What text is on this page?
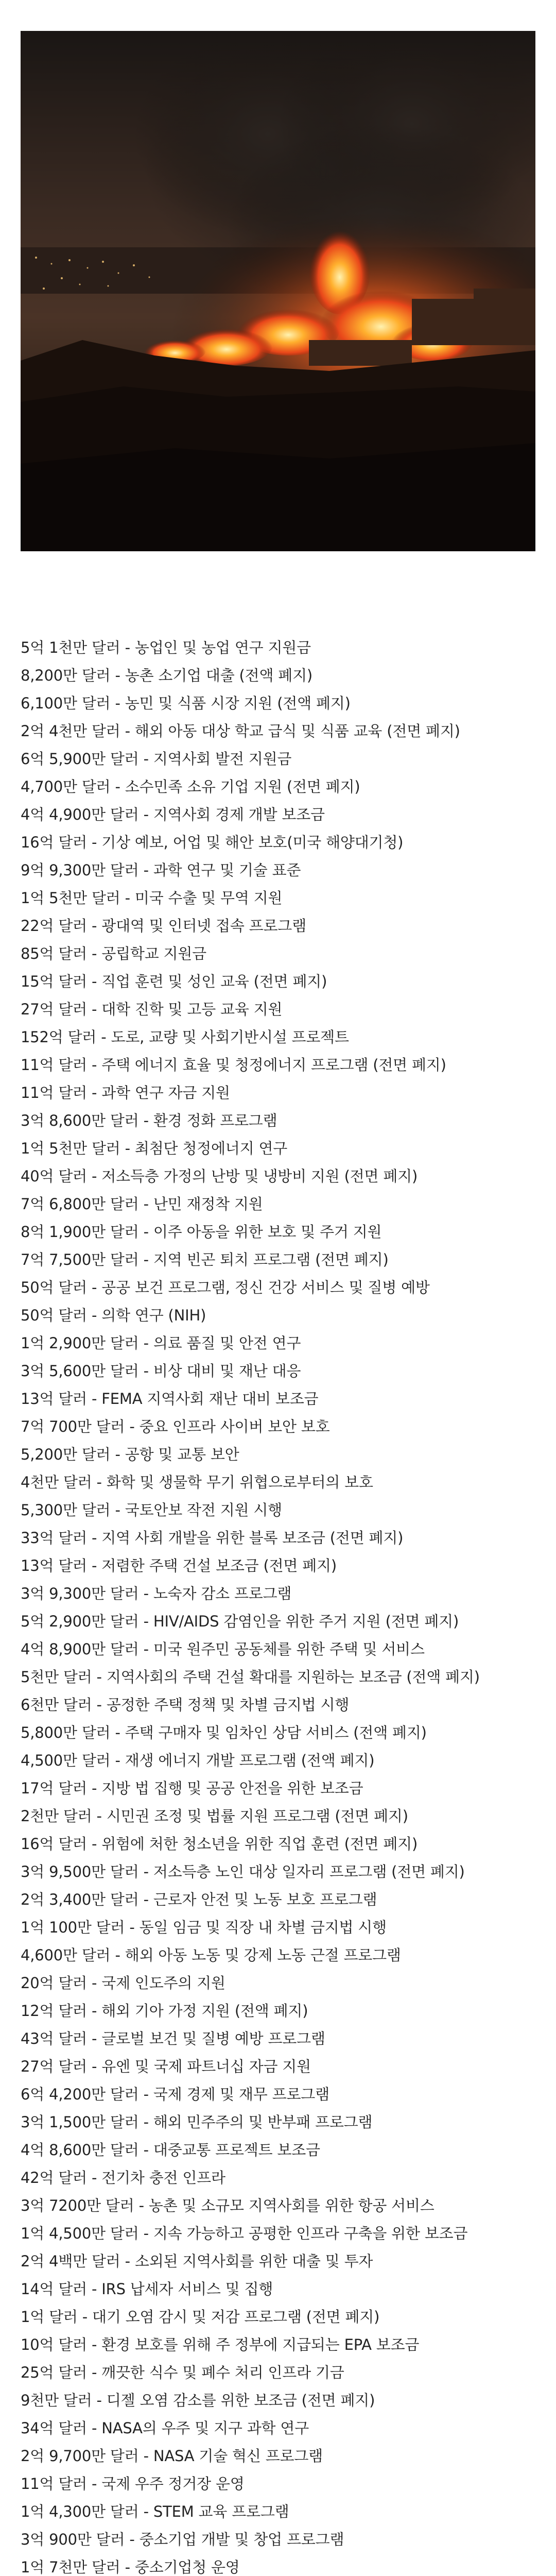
5억 1천만 달러 - 농업인 및 농업 연구 지원금
8,200만 달러 - 농촌 소기업 대출 (전액 폐지)
6,100만 달러 - 농민 및 식품 시장 지원 (전액 폐지)
2억 4천만 달러 - 해외 아동 대상 학교 급식 및 식품 교육 (전면 폐지)
6억 5,900만 달러 - 지역사회 발전 지원금
4,700만 달러 - 소수민족 소유 기업 지원 (전면 폐지)
4억 4,900만 달러 - 지역사회 경제 개발 보조금
16억 달러 - 기상 예보, 어업 및 해안 보호(미국 해양대기청)
9억 9,300만 달러 - 과학 연구 및 기술 표준
1억 5천만 달러 - 미국 수출 및 무역 지원
22억 달러 - 광대역 및 인터넷 접속 프로그램
85억 달러 - 공립학교 지원금
15억 달러 - 직업 훈련 및 성인 교육 (전면 폐지)
27억 달러 - 대학 진학 및 고등 교육 지원
152억 달러 - 도로, 교량 및 사회기반시설 프로젝트
11억 달러 - 주택 에너지 효율 및 청정에너지 프로그램 (전면 폐지)
11억 달러 - 과학 연구 자금 지원
3억 8,600만 달러 - 환경 정화 프로그램
1억 5천만 달러 - 최첨단 청정에너지 연구
40억 달러 - 저소득층 가정의 난방 및 냉방비 지원 (전면 폐지)
7억 6,800만 달러 - 난민 재정착 지원
8억 1,900만 달러 - 이주 아동을 위한 보호 및 주거 지원
7억 7,500만 달러 - 지역 빈곤 퇴치 프로그램 (전면 폐지)
50억 달러 - 공공 보건 프로그램, 정신 건강 서비스 및 질병 예방
50억 달러 - 의학 연구 (NIH)
1억 2,900만 달러 - 의료 품질 및 안전 연구
3억 5,600만 달러 - 비상 대비 및 재난 대응
13억 달러 - FEMA 지역사회 재난 대비 보조금
7억 700만 달러 - 중요 인프라 사이버 보안 보호
5,200만 달러 - 공항 및 교통 보안
4천만 달러 - 화학 및 생물학 무기 위협으로부터의 보호
5,300만 달러 - 국토안보 작전 지원 시행
33억 달러 - 지역 사회 개발을 위한 블록 보조금 (전면 폐지)
13억 달러 - 저렴한 주택 건설 보조금 (전면 폐지)
3억 9,300만 달러 - 노숙자 감소 프로그램
5억 2,900만 달러 - HIV/AIDS 감염인을 위한 주거 지원 (전면 폐지)
4억 8,900만 달러 - 미국 원주민 공동체를 위한 주택 및 서비스
5천만 달러 - 지역사회의 주택 건설 확대를 지원하는 보조금 (전액 폐지)
6천만 달러 - 공정한 주택 정책 및 차별 금지법 시행
5,800만 달러 - 주택 구매자 및 임차인 상담 서비스 (전액 폐지)
4,500만 달러 - 재생 에너지 개발 프로그램 (전액 폐지)
17억 달러 - 지방 법 집행 및 공공 안전을 위한 보조금
2천만 달러 - 시민권 조정 및 법률 지원 프로그램 (전면 폐지)
16억 달러 - 위험에 처한 청소년을 위한 직업 훈련 (전면 폐지)
3억 9,500만 달러 - 저소득층 노인 대상 일자리 프로그램 (전면 폐지)
2억 3,400만 달러 - 근로자 안전 및 노동 보호 프로그램
1억 100만 달러 - 동일 임금 및 직장 내 차별 금지법 시행
4,600만 달러 - 해외 아동 노동 및 강제 노동 근절 프로그램
20억 달러 - 국제 인도주의 지원
12억 달러 - 해외 기아 가정 지원 (전액 폐지)
43억 달러 - 글로벌 보건 및 질병 예방 프로그램
27억 달러 - 유엔 및 국제 파트너십 자금 지원
6억 4,200만 달러 - 국제 경제 및 재무 프로그램
3억 1,500만 달러 - 해외 민주주의 및 반부패 프로그램
4억 8,600만 달러 - 대중교통 프로젝트 보조금
42억 달러 - 전기차 충전 인프라
3억 7200만 달러 - 농촌 및 소규모 지역사회를 위한 항공 서비스
1억 4,500만 달러 - 지속 가능하고 공평한 인프라 구축을 위한 보조금
2억 4백만 달러 - 소외된 지역사회를 위한 대출 및 투자
14억 달러 - IRS 납세자 서비스 및 집행
1억 달러 - 대기 오염 감시 및 저감 프로그램 (전면 폐지)
10억 달러 - 환경 보호를 위해 주 정부에 지급되는 EPA 보조금
25억 달러 - 깨끗한 식수 및 폐수 처리 인프라 기금
9천만 달러 - 디젤 오염 감소를 위한 보조금 (전면 폐지)
34억 달러 - NASA의 우주 및 지구 과학 연구
2억 9,700만 달러 - NASA 기술 혁신 프로그램
11억 달러 - 국제 우주 정거장 운영
1억 4,300만 달러 - STEM 교육 프로그램
3억 900만 달러 - 중소기업 개발 및 창업 프로그램
1억 7천만 달러 - 중소기업청 운영
